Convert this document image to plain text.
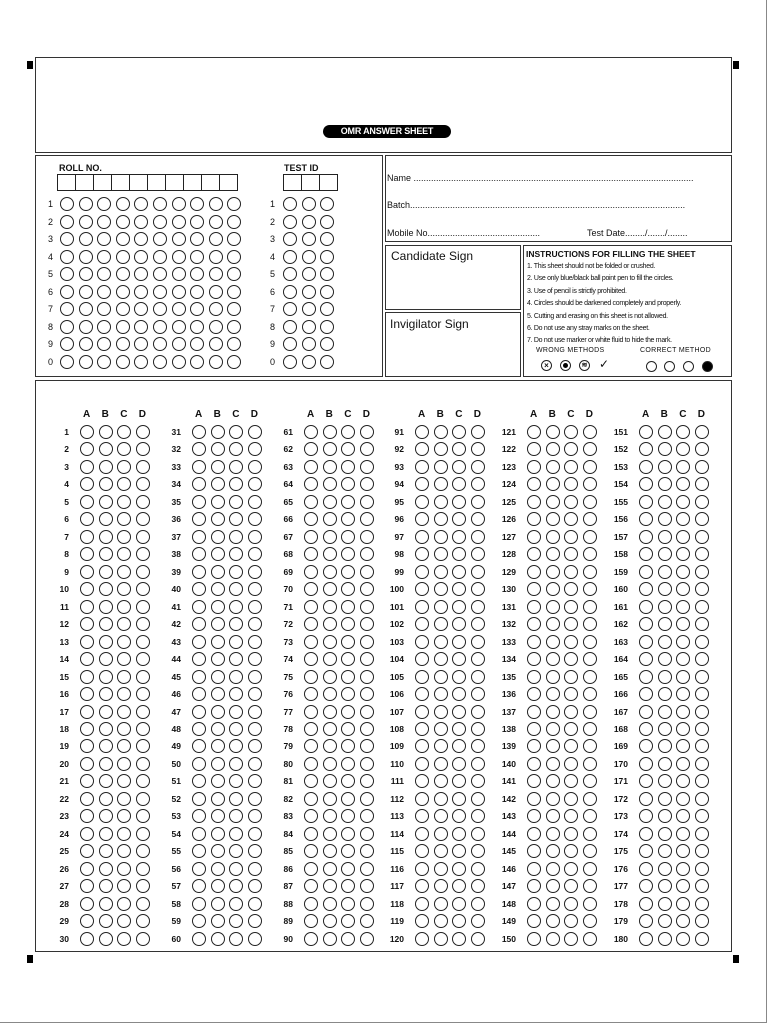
OMR ANSWER SHEET
ROLL NO.	TEST ID
1
2
3
4
5
6
7
8
9
0
1
2
3
4
5
6
7
8
9
0
Name ................................................................................................................
Batch..............................................................................................................
Mobile No.............................................	Test Date......../......./........
Candidate Sign
Invigilator Sign
INSTRUCTIONS FOR FILLING THE SHEET
1. This sheet should not be folded or crushed.
2. Use only blue/black ball point pen to fill the circles.
3. Use of pencil is strictly prohibited.
4. Circles should be darkened completely and properly.
5. Cutting and erasing on this sheet is not allowed.
6. Do not use any stray marks on the sheet.
7. Do not use marker or white fluid to hide the mark.
WRONG METHODS	CORRECT METHOD
×	≋ ✓
A B C D
1
2
3
4
5
6
7
8
9
10
11
12
13
14
15
16
17
18
19
20
21
22
23
24
25
26
27
28
29
30
A B C D
31
32
33
34
35
36
37
38
39
40
41
42
43
44
45
46
47
48
49
50
51
52
53
54
55
56
57
58
59
60
A B C D
61
62
63
64
65
66
67
68
69
70
71
72
73
74
75
76
77
78
79
80
81
82
83
84
85
86
87
88
89
90
A B C D
91
92
93
94
95
96
97
98
99
100
101
102
103
104
105
106
107
108
109
110
111
112
113
114
115
116
117
118
119
120
A B C D
121
122
123
124
125
126
127
128
129
130
131
132
133
134
135
136
137
138
139
140
141
142
143
144
145
146
147
148
149
150
A B C D
151
152
153
154
155
156
157
158
159
160
161
162
163
164
165
166
167
168
169
170
171
172
173
174
175
176
177
178
179
180
